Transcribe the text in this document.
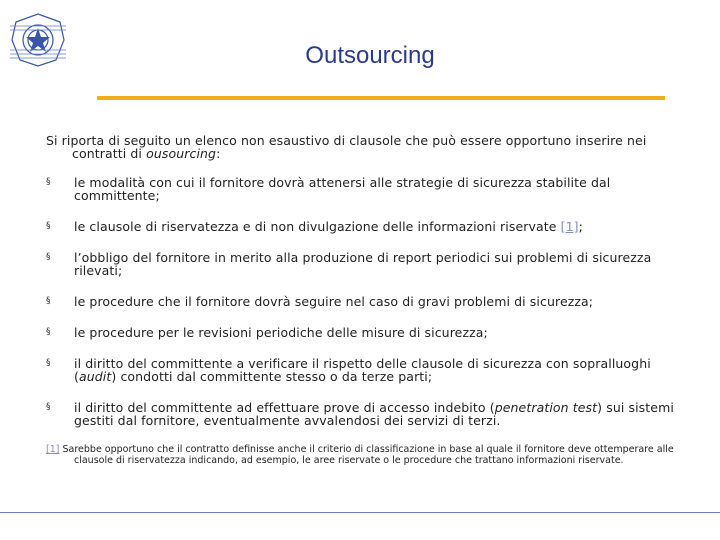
Outsourcing

Si riporta di seguito un elenco non esaustivo di clausole che può essere opportuno inserire nei contratti di ousourcing:

§ le modalità con cui il fornitore dovrà attenersi alle strategie di sicurezza stabilite dal committente;
§ le clausole di riservatezza e di non divulgazione delle informazioni riservate [1];
§ l’obbligo del fornitore in merito alla produzione di report periodici sui problemi di sicurezza rilevati;
§ le procedure che il fornitore dovrà seguire nel caso di gravi problemi di sicurezza;
§ le procedure per le revisioni periodiche delle misure di sicurezza;
§ il diritto del committente a verificare il rispetto delle clausole di sicurezza con sopralluoghi (audit) condotti dal committente stesso o da terze parti;
§ il diritto del committente ad effettuare prove di accesso indebito (penetration test) sui sistemi gestiti dal fornitore, eventualmente avvalendosi dei servizi di terzi.
[1] Sarebbe opportuno che il contratto definisse anche il criterio di classificazione in base al quale il fornitore deve ottemperare alle clausole di riservatezza indicando, ad esempio, le aree riservate o le procedure che trattano informazioni riservate.
